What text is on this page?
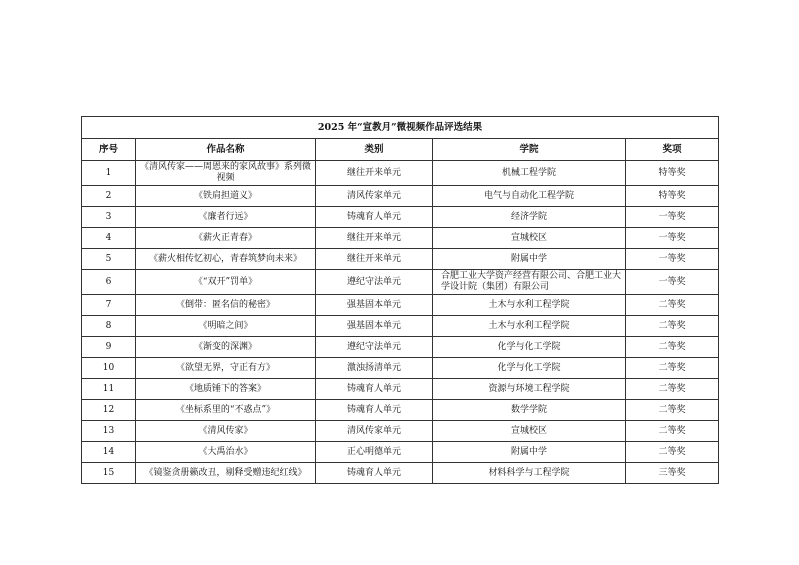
2025 年“宣教月”微视频作品评选结果				
序号	作品名称	类别	学院	奖项
1	《清风传家——周恩来的家风故事》系列微视频	继往开来单元	机械工程学院	特等奖
2	《铁肩担道义》	清风传家单元	电气与自动化工程学院	特等奖
3	《廉者行远》	铸魂育人单元	经济学院	一等奖
4	《薪火正青春》	继往开来单元	宣城校区	一等奖
5	《薪火相传忆初心，青春筑梦向未来》	继往开来单元	附属中学	一等奖
6	《“双开”罚单》	遵纪守法单元	合肥工业大学资产经营有限公司、合肥工业大学设计院（集团）有限公司	一等奖
7	《倒带：匿名信的秘密》	强基固本单元	土木与水利工程学院	二等奖
8	《明暗之间》	强基固本单元	土木与水利工程学院	二等奖
9	《渐变的深渊》	遵纪守法单元	化学与化工学院	二等奖
10	《欲望无界，守正有方》	激浊扬清单元	化学与化工学院	二等奖
11	《地质锤下的答案》	铸魂育人单元	资源与环境工程学院	二等奖
12	《坐标系里的“不惑点”》	铸魂育人单元	数学学院	二等奖
13	《清风传家》	清风传家单元	宣城校区	二等奖
14	《大禹治水》	正心明德单元	附属中学	二等奖
15	《镜鉴贪册籁改丑，剔释受赠违纪红线》	铸魂育人单元	材料科学与工程学院	三等奖
